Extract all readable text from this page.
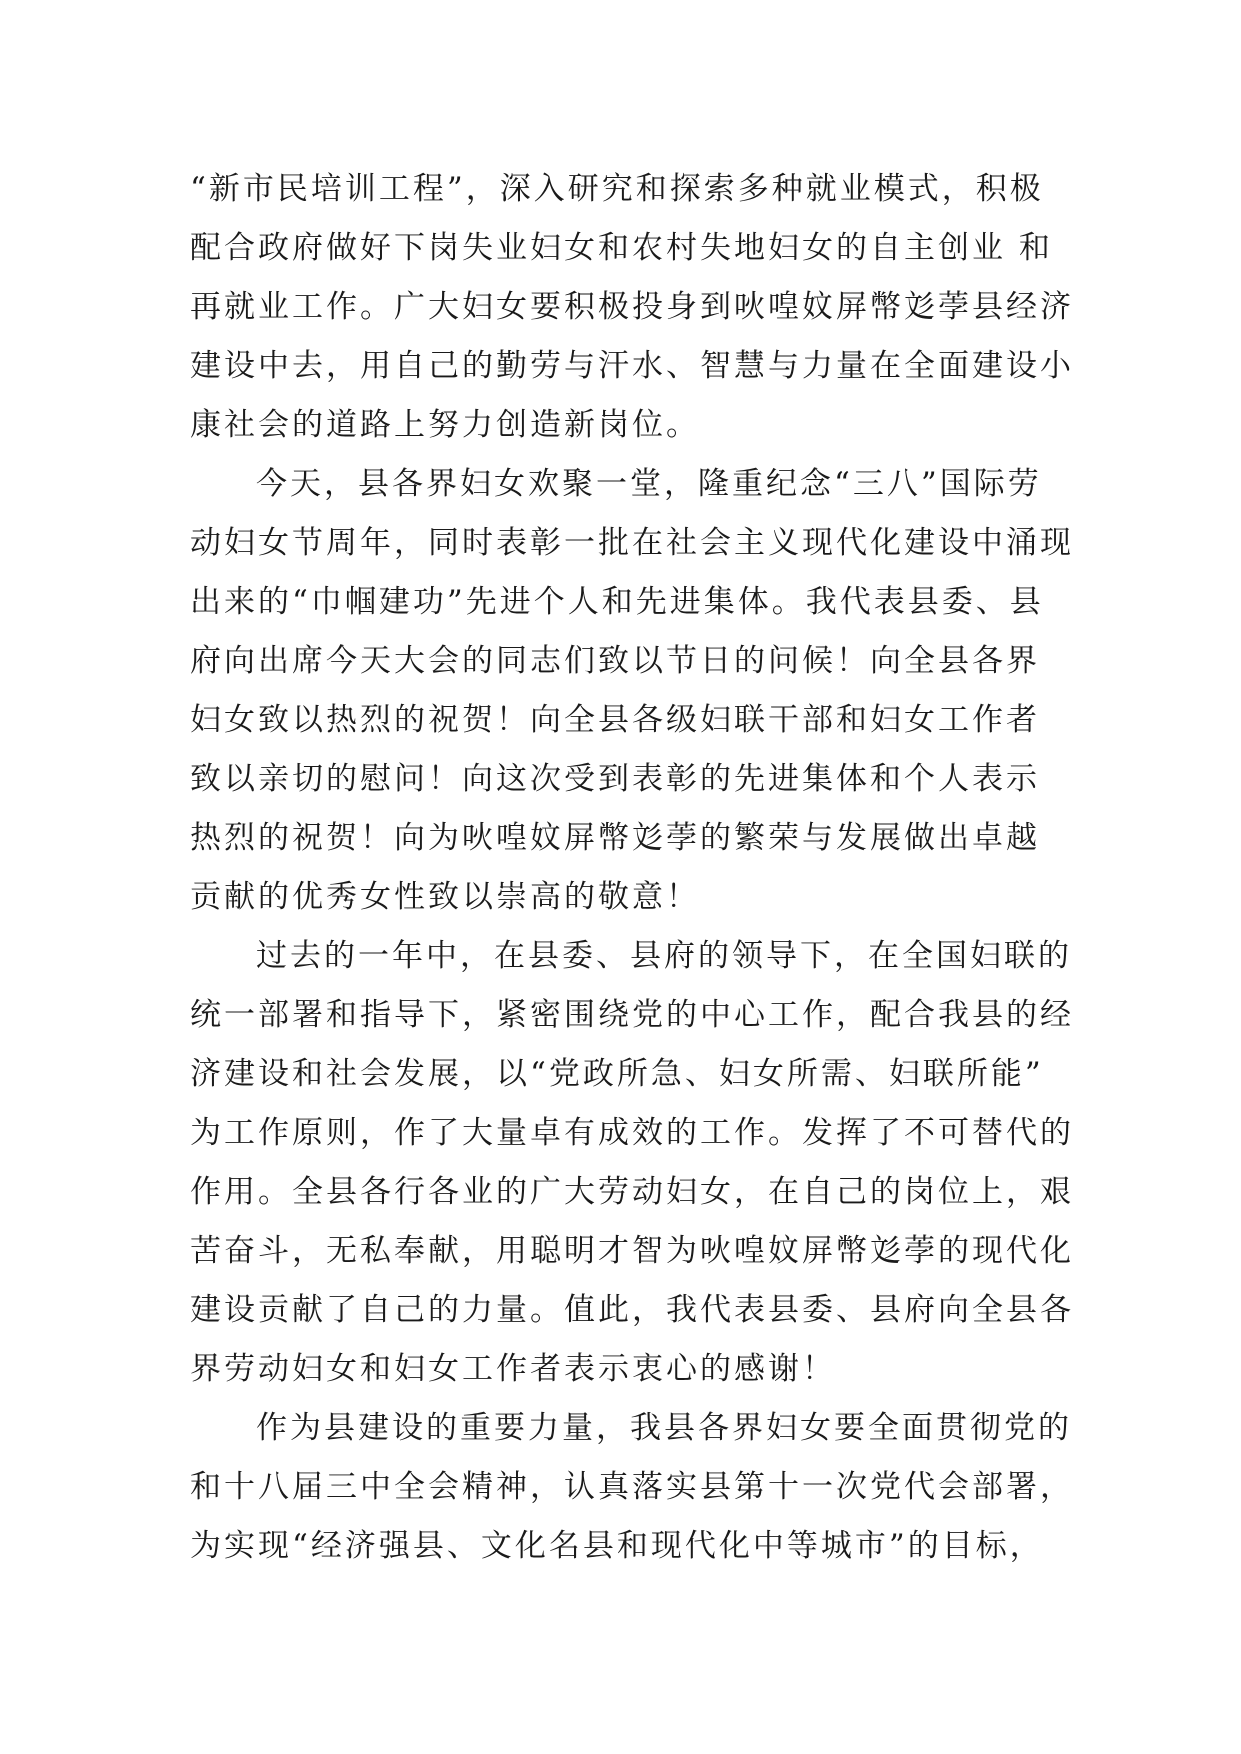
“新市民培训工程”，深入研究和探索多种就业模式，积极
配合政府做好下岗失业妇女和农村失地妇女的自主创业 和
再就业工作。广大妇女要积极投身到吙喤妏屏幣彣荸县经济
建设中去，用自己的勤劳与汗水、智慧与力量在全面建设小
康社会的道路上努力创造新岗位。
今天，县各界妇女欢聚一堂，隆重纪念“三八”国际劳
动妇女节周年，同时表彰一批在社会主义现代化建设中涌现
出来的“巾帼建功”先进个人和先进集体。我代表县委、县
府向出席今天大会的同志们致以节日的问候！向全县各界
妇女致以热烈的祝贺！向全县各级妇联干部和妇女工作者
致以亲切的慰问！向这次受到表彰的先进集体和个人表示
热烈的祝贺！向为吙喤妏屏幣彣荸的繁荣与发展做出卓越
贡献的优秀女性致以崇高的敬意！
过去的一年中，在县委、县府的领导下，在全国妇联的
统一部署和指导下，紧密围绕党的中心工作，配合我县的经
济建设和社会发展，以“党政所急、妇女所需、妇联所能”
为工作原则，作了大量卓有成效的工作。发挥了不可替代的
作用。全县各行各业的广大劳动妇女，在自己的岗位上，艰
苦奋斗，无私奉献，用聪明才智为吙喤妏屏幣彣荸的现代化
建设贡献了自己的力量。值此，我代表县委、县府向全县各
界劳动妇女和妇女工作者表示衷心的感谢！
作为县建设的重要力量，我县各界妇女要全面贯彻党的
和十八届三中全会精神，认真落实县第十一次党代会部署，
为实现“经济强县、文化名县和现代化中等城市”的目标，
